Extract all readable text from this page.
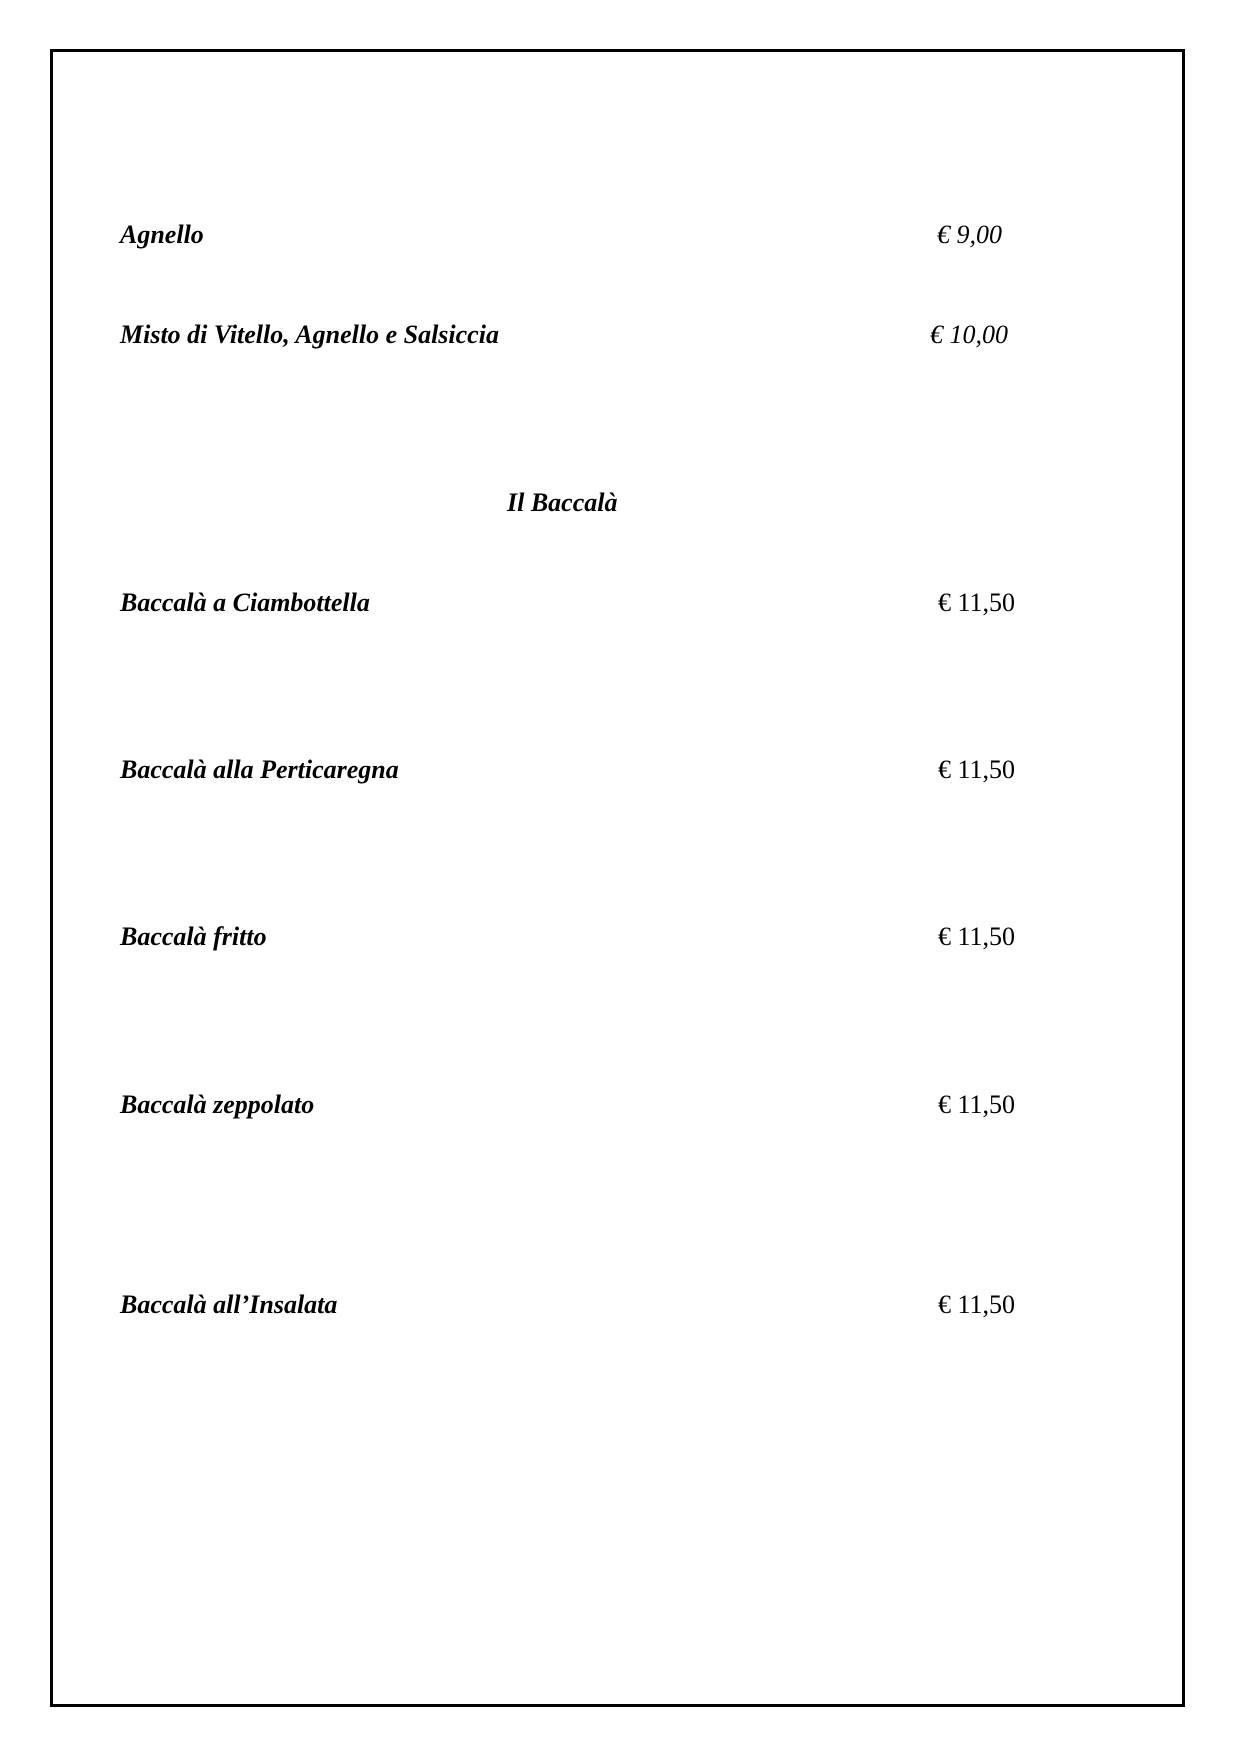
Agnello	€ 9,00
Misto di Vitello, Agnello e Salsiccia	€ 10,00
Il Baccalà
Baccalà a Ciambottella	€ 11,50
Baccalà alla Perticaregna	€ 11,50
Baccalà fritto	€ 11,50
Baccalà zeppolato	€ 11,50
Baccalà all’Insalata	€ 11,50
